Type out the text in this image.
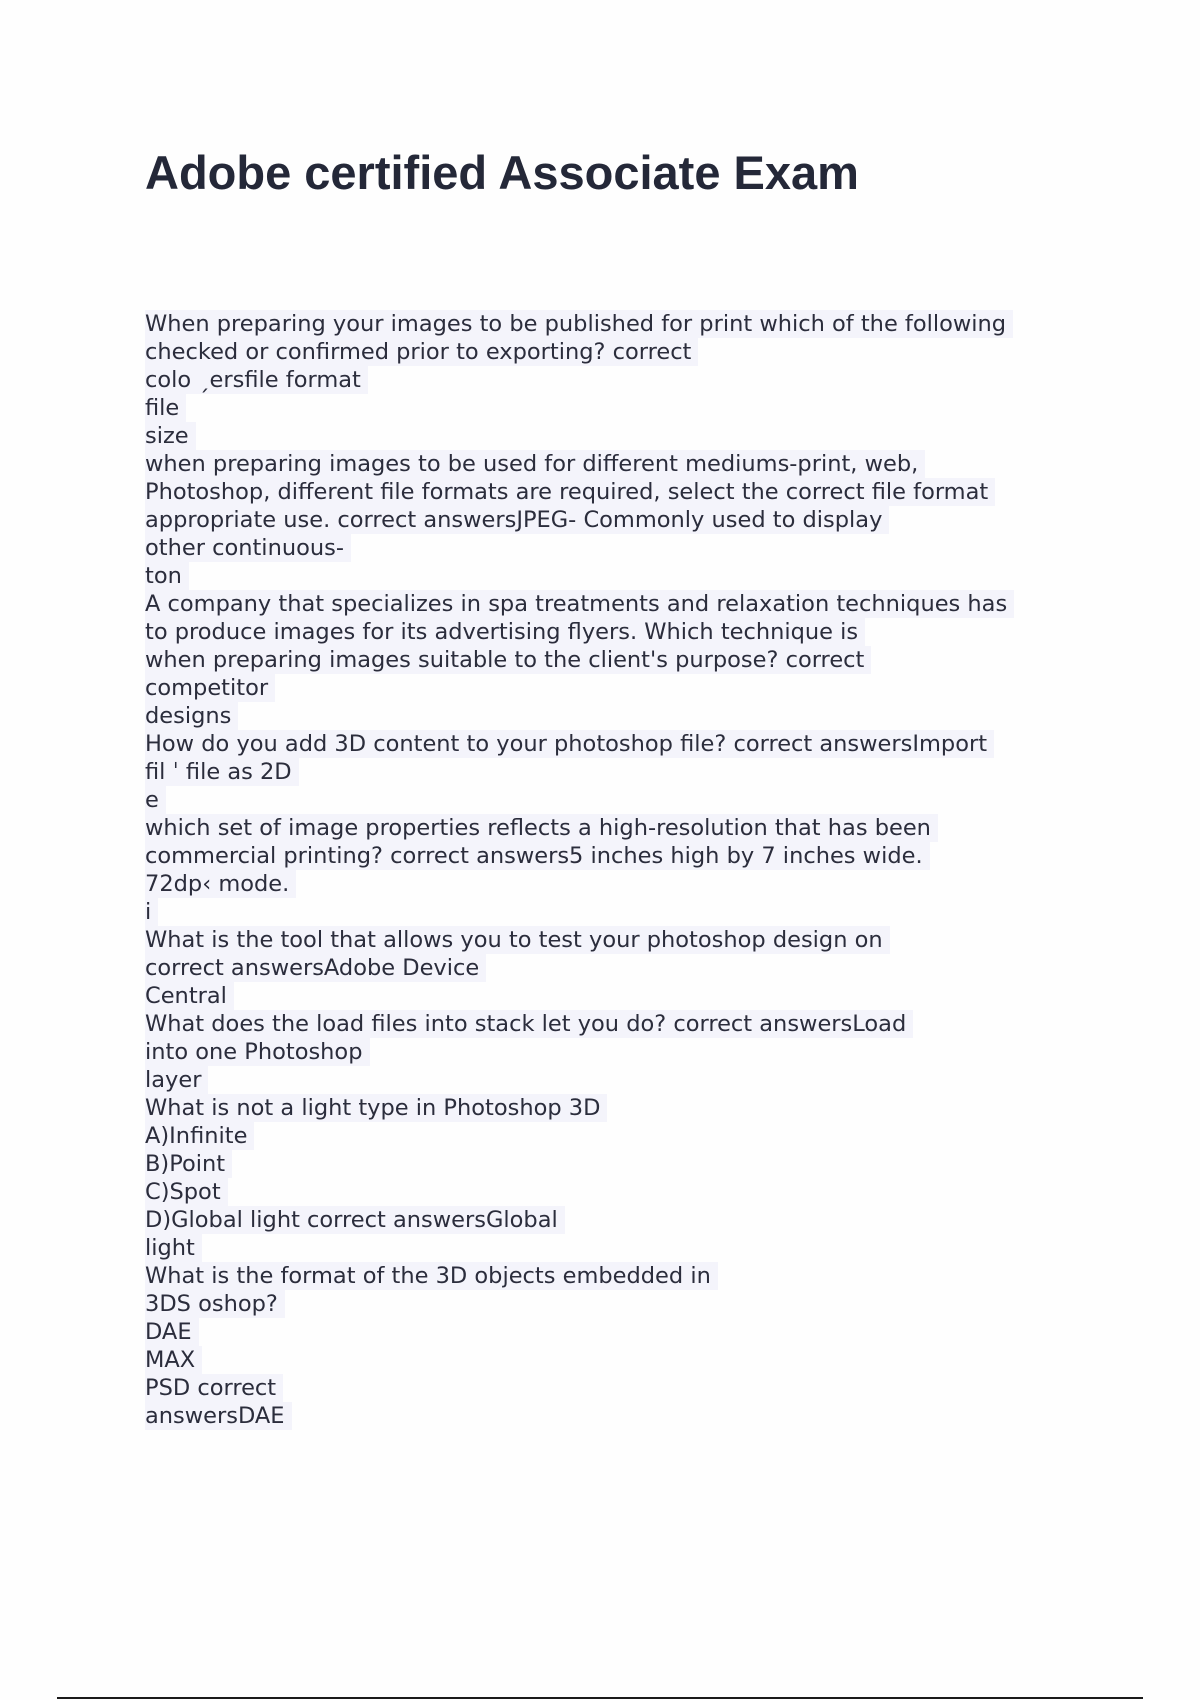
Adobe certified Associate Exam
When preparing your images to be published for print which of the following
checked or confirmed prior to exporting? correct
colo ˏersfile format
file
size
when preparing images to be used for different mediums-print, web,
Photoshop, different file formats are required, select the correct file format
appropriate use. correct answersJPEG- Commonly used to display
other continuous-
ton
A company that specializes in spa treatments and relaxation techniques has
to produce images for its advertising flyers. Which technique is
when preparing images suitable to the client's purpose? correct
competitor
designs
How do you add 3D content to your photoshop file? correct answersImport
fil ˈ file as 2D
e
which set of image properties reflects a high-resolution that has been
commercial printing? correct answers5 inches high by 7 inches wide.
72dp‹ mode.
i
What is the tool that allows you to test your photoshop design on
correct answersAdobe Device
Central
What does the load files into stack let you do? correct answersLoad
into one Photoshop
layer
What is not a light type in Photoshop 3D
A)Infinite
B)Point
C)Spot
D)Global light correct answersGlobal
light
What is the format of the 3D objects embedded in
3DS oshop?
DAE
MAX
PSD correct
answersDAE
